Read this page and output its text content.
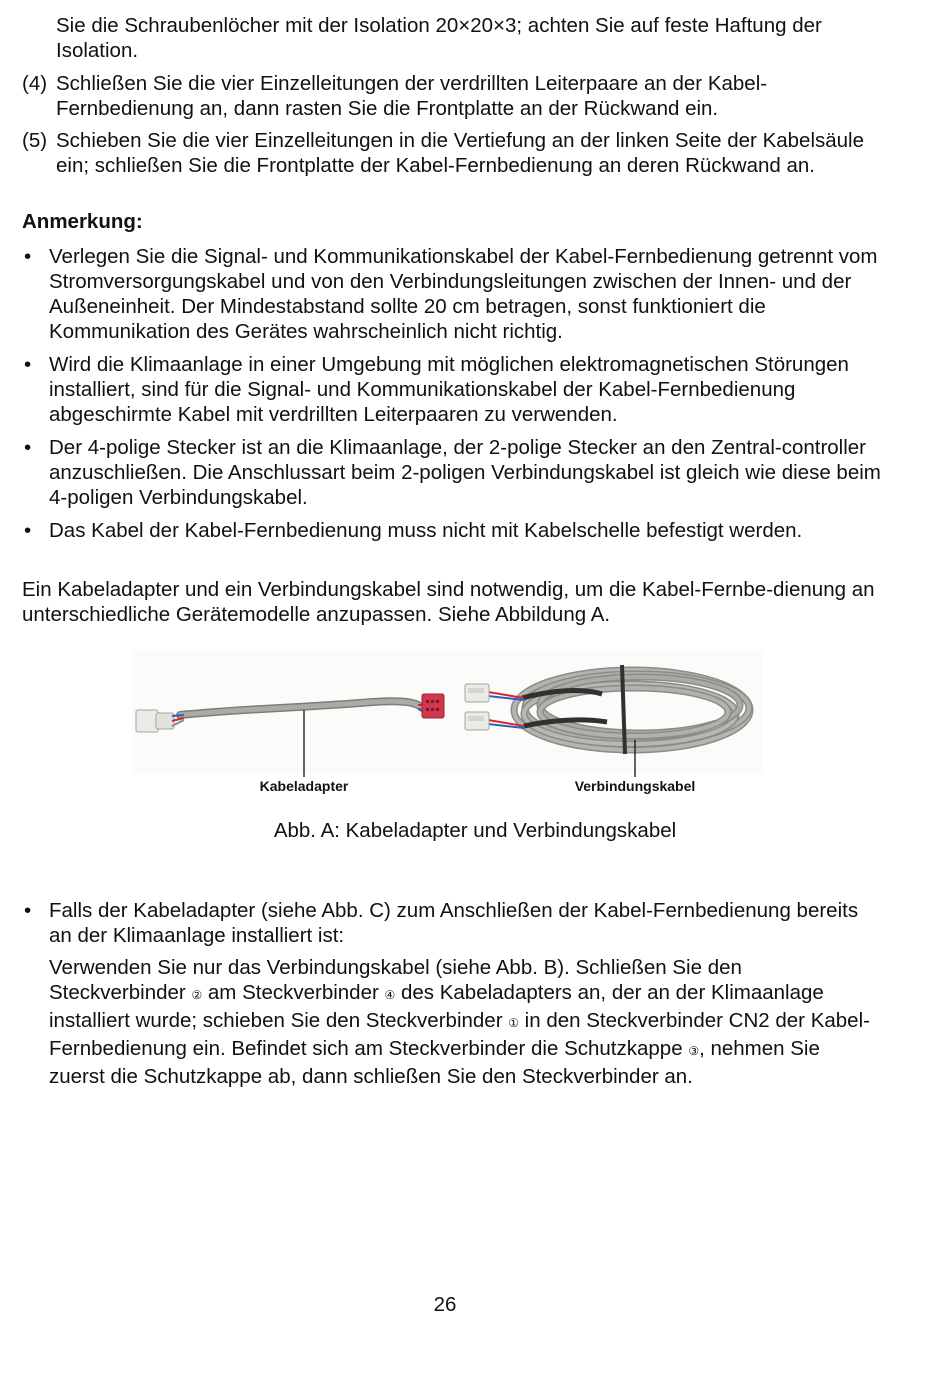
Sie die Schraubenlöcher mit der Isolation 20×20×3; achten Sie auf feste Haftung der Isolation.
(4) Schließen Sie die vier Einzelleitungen der verdrillten Leiterpaare an der Kabel-Fernbedienung an, dann rasten Sie die Frontplatte an der Rückwand ein.
(5) Schieben Sie die vier Einzelleitungen in die Vertiefung an der linken Seite der Kabelsäule ein; schließen Sie die Frontplatte der Kabel-Fernbedienung an deren Rückwand an.
Anmerkung:
• Verlegen Sie die Signal- und Kommunikationskabel der Kabel-Fernbedienung getrennt vom Stromversorgungskabel und von den Verbindungsleitungen zwischen der Innen- und der Außeneinheit. Der Mindestabstand sollte 20 cm betragen, sonst funktioniert die Kommunikation des Gerätes wahrscheinlich nicht richtig.
• Wird die Klimaanlage in einer Umgebung mit möglichen elektromagnetischen Störungen installiert, sind für die Signal- und Kommunikationskabel der Kabel-Fernbedienung abgeschirmte Kabel mit verdrillten Leiterpaaren zu verwenden.
• Der 4-polige Stecker ist an die Klimaanlage, der 2-polige Stecker an den Zentral-controller anzuschließen. Die Anschlussart beim 2-poligen Verbindungskabel ist gleich wie diese beim 4-poligen Verbindungskabel.
• Das Kabel der Kabel-Fernbedienung muss nicht mit Kabelschelle befestigt werden.
Ein Kabeladapter und ein Verbindungskabel sind notwendig, um die Kabel-Fernbe-dienung an unterschiedliche Gerätemodelle anzupassen. Siehe Abbildung A.
Kabeladapter	Verbindungskabel
Abb. A: Kabeladapter und Verbindungskabel
• Falls der Kabeladapter (siehe Abb. C) zum Anschließen der Kabel-Fernbedienung bereits an der Klimaanlage installiert ist:
Verwenden Sie nur das Verbindungskabel (siehe Abb. B). Schließen Sie den Steckverbinder ② am Steckverbinder ④ des Kabeladapters an, der an der Klimaanlage installiert wurde; schieben Sie den Steckverbinder ① in den Steckverbinder CN2 der Kabel-Fernbedienung ein. Befindet sich am Steckverbinder die Schutzkappe ③, nehmen Sie zuerst die Schutzkappe ab, dann schließen Sie den Steckverbinder an.
26
